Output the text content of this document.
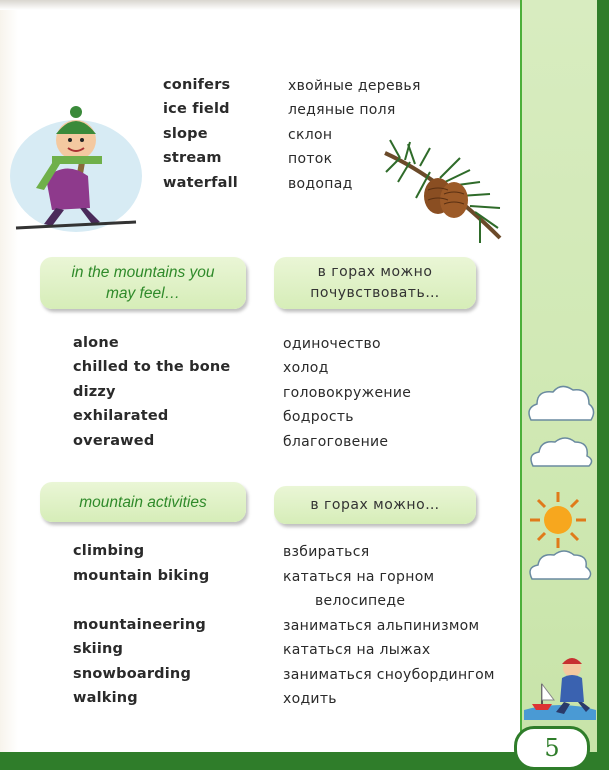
conifers	хвойные деревья
ice field	ледяные поля
slope	склон
stream	поток
waterfall	водопад
in the mountains you
may feel…
в горах можно
почувствовать…
alone	одиночество
chilled to the bone	холод
dizzy	головокружение
exhilarated	бодрость
overawed	благоговение
mountain activities	в горах можно…
climbing	взбираться
mountain biking	кататься на горном
велосипеде
mountaineering	заниматься альпинизмом
skiing	кататься на лыжах
snowboarding	заниматься сноубордингом
walking	ходить
5
